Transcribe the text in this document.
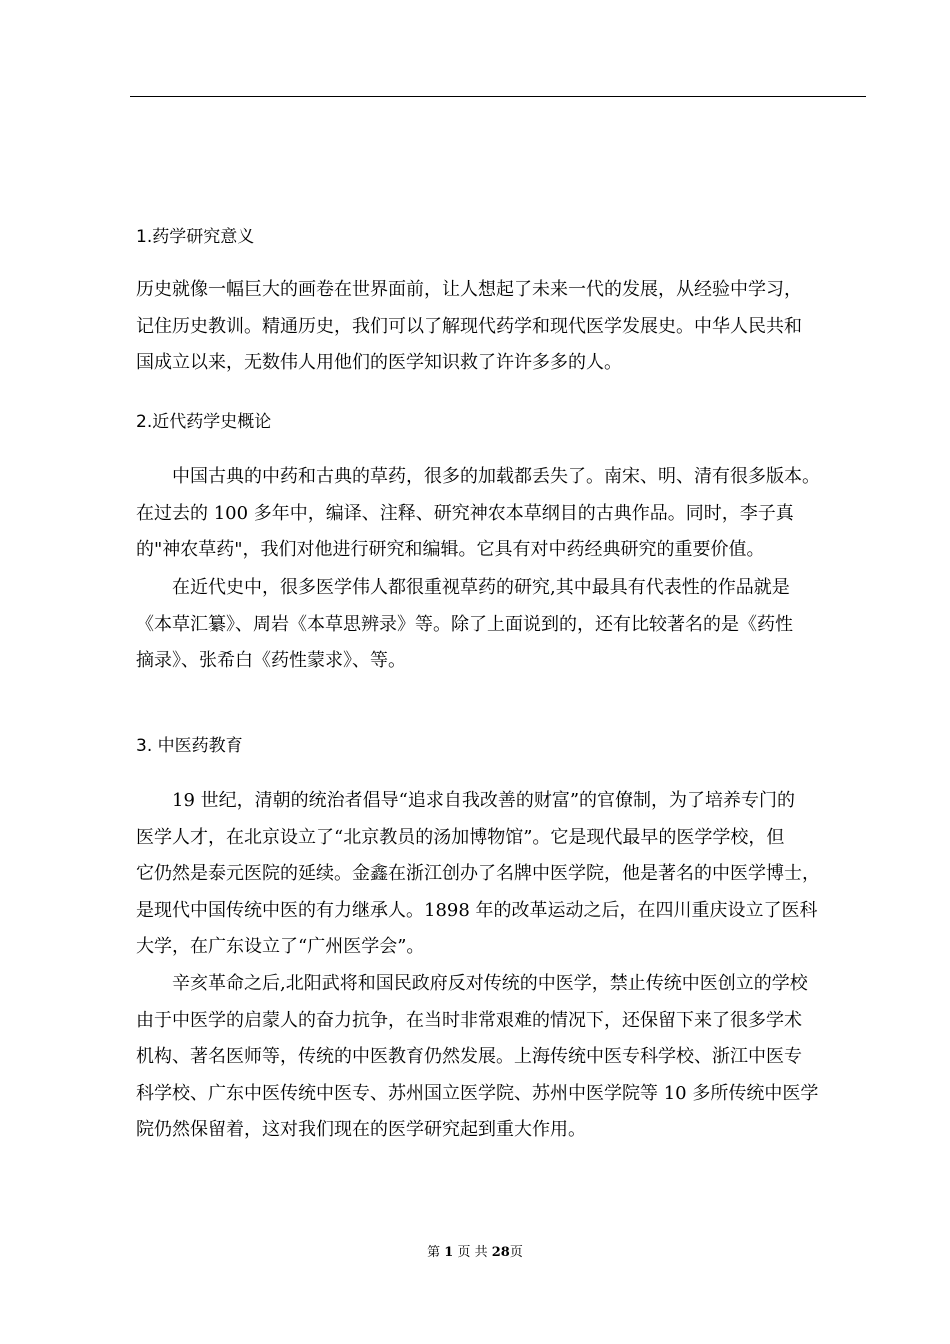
1.药学研究意义
历史就像一幅巨大的画卷在世界面前，让人想起了未来一代的发展，从经验中学习，
记住历史教训。精通历史，我们可以了解现代药学和现代医学发展史。中华人民共和
国成立以来，无数伟人用他们的医学知识救了许许多多的人。
2.近代药学史概论
　　中国古典的中药和古典的草药，很多的加载都丢失了。南宋、明、清有很多版本。
在过去的 100 多年中，编译、注释、研究神农本草纲目的古典作品。同时，李子真
的"神农草药"，我们对他进行研究和编辑。它具有对中药经典研究的重要价值。
　　在近代史中，很多医学伟人都很重视草药的研究,其中最具有代表性的作品就是
《本草汇纂》、周岩《本草思辨录》等。除了上面说到的，还有比较著名的是《药性
摘录》、张希白《药性蒙求》、等。
3. 中医药教育
　　19 世纪，清朝的统治者倡导“追求自我改善的财富”的官僚制，为了培养专门的
医学人才，在北京设立了“北京教员的汤加博物馆”。它是现代最早的医学学校，但
它仍然是泰元医院的延续。金鑫在浙江创办了名牌中医学院，他是著名的中医学博士，
是现代中国传统中医的有力继承人。1898 年的改革运动之后，在四川重庆设立了医科
大学，在广东设立了“广州医学会”。
　　辛亥革命之后,北阳武将和国民政府反对传统的中医学，禁止传统中医创立的学校
由于中医学的启蒙人的奋力抗争，在当时非常艰难的情况下，还保留下来了很多学术
机构、著名医师等，传统的中医教育仍然发展。上海传统中医专科学校、浙江中医专
科学校、广东中医传统中医专、苏州国立医学院、苏州中医学院等 10 多所传统中医学
院仍然保留着，这对我们现在的医学研究起到重大作用。
第 1 页 共 28页
